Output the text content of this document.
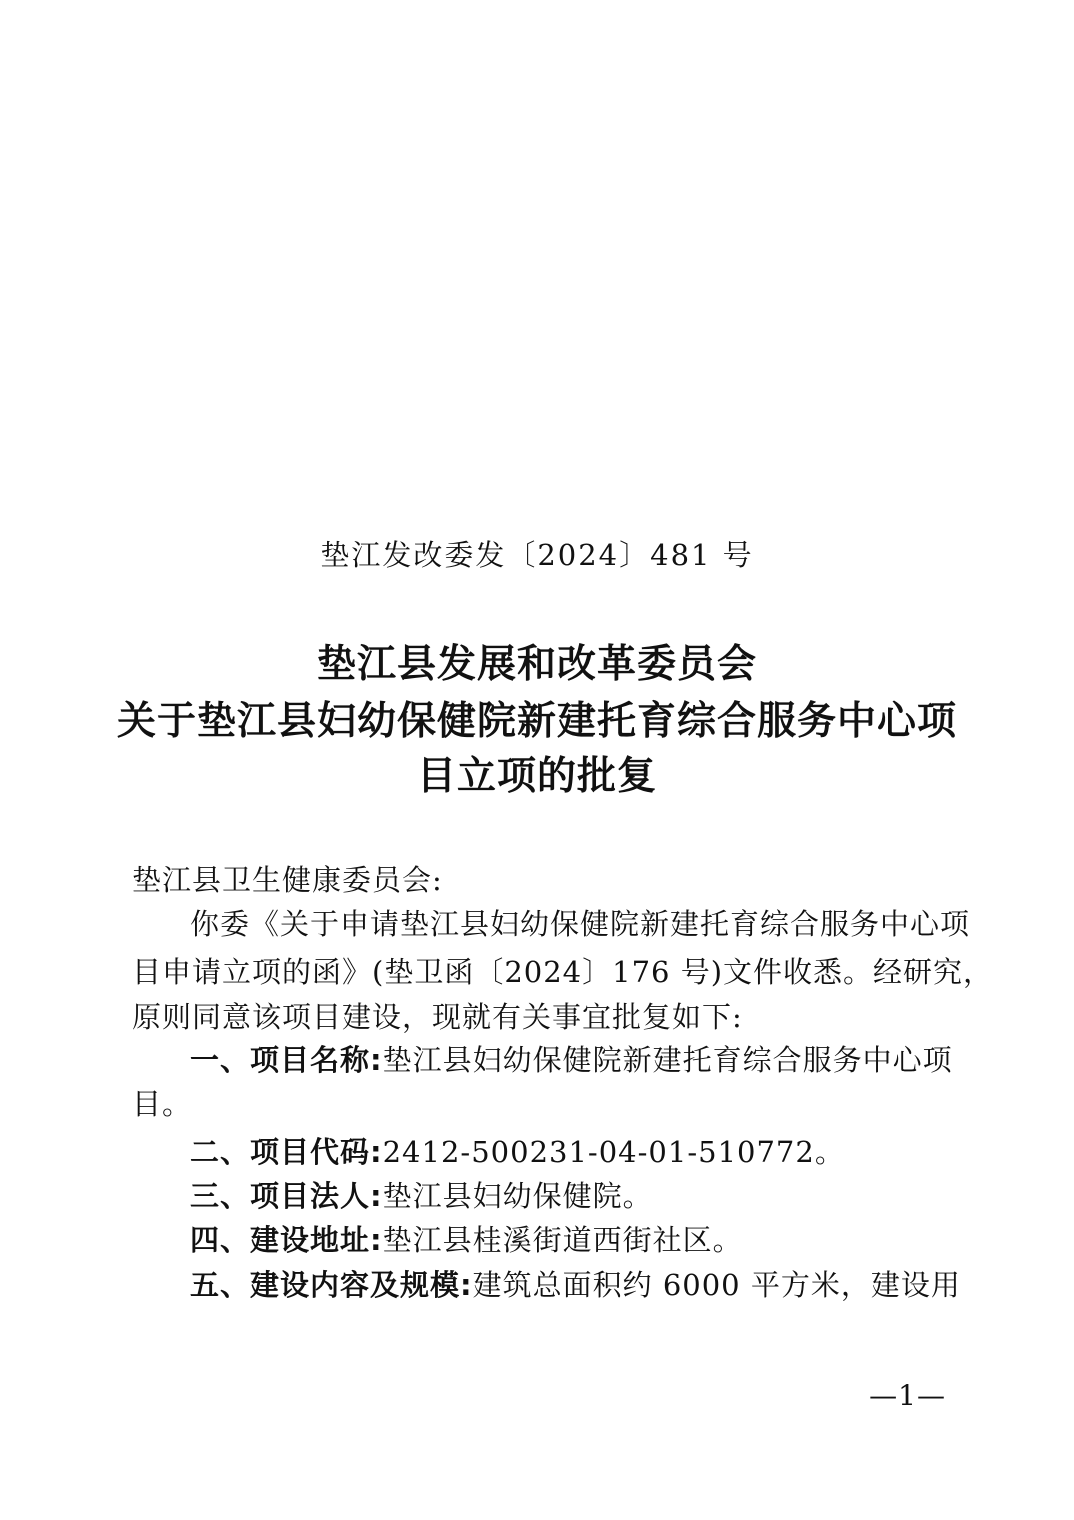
垫江发改委发〔2024〕481 号
垫江县发展和改革委员会
关于垫江县妇幼保健院新建托育综合服务中心项
目立项的批复
垫江县卫生健康委员会:
你委《关于申请垫江县妇幼保健院新建托育综合服务中心项
目申请立项的函》(垫卫函〔2024〕176 号)文件收悉。经研究，
原则同意该项目建设，现就有关事宜批复如下:
一、项目名称:垫江县妇幼保健院新建托育综合服务中心项
目。
二、项目代码:2412-500231-04-01-510772。
三、项目法人:垫江县妇幼保健院。
四、建设地址:垫江县桂溪街道西街社区。
五、建设内容及规模:建筑总面积约 6000 平方米，建设用
—1—
